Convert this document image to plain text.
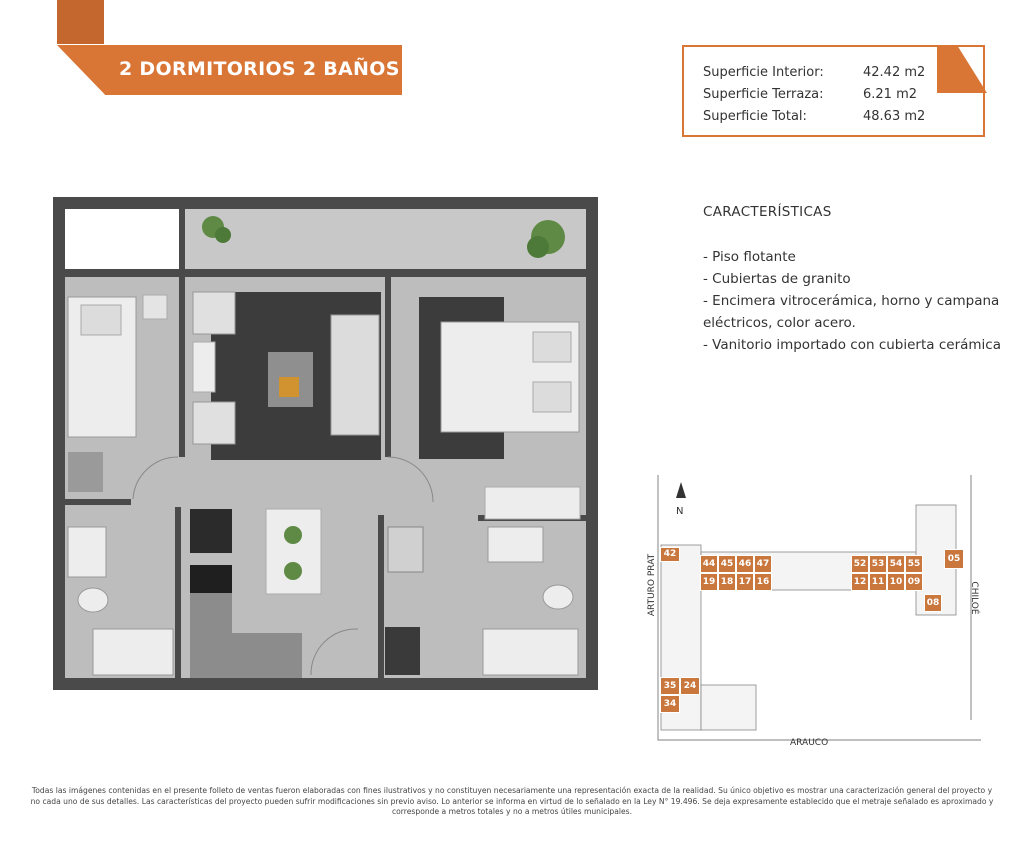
2 DORMITORIOS 2 BAÑOS	Superficie Interior:	42.42 m2
Superficie Terraza:	6.21 m2
Superficie Total:	48.63 m2
CARACTERÍSTICAS
- Piso flotante
- Cubiertas de granito
- Encimera vitrocerámica, horno y campana
eléctricos, color acero.
- Vanitorio importado con cubierta cerámica
N
ARTURO PRAT	CHILOÉ
ARAUCO
42
44 45 46 47
19 18 17 16
52 53 54 55
12 11 10 09
05
08
35 24
34
Todas las imágenes contenidas en el presente folleto de ventas fueron elaboradas con fines ilustrativos y no constituyen necesariamente una representación exacta de la realidad. Su único objetivo es mostrar una caracterización general del proyecto y no cada uno de sus detalles. Las características del proyecto pueden sufrir modificaciones sin previo aviso. Lo anterior se informa en virtud de lo señalado en la Ley N° 19.496. Se deja expresamente establecido que el metraje señalado es aproximado y corresponde a metros totales y no a metros útiles municipales.
